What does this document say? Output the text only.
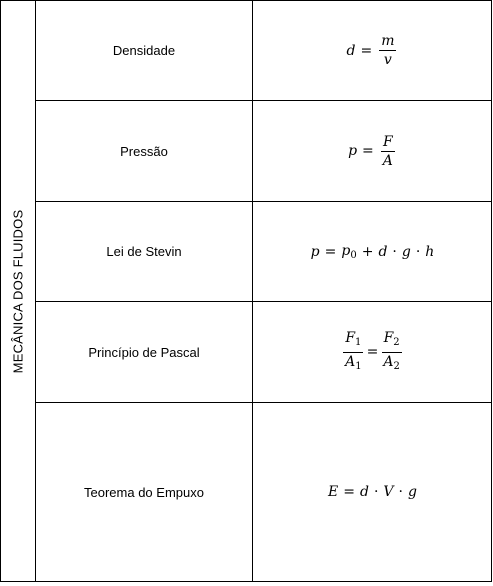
MECÂNICA DOS FLUIDOS
Densidade	$d = \frac{m}{v}$
Pressão	$p = \frac{F}{A}$
Lei de Stevin	$p = p_0 + d \cdot g \cdot h$
Princípio de Pascal	$\frac{F_1}{A_1} = \frac{F_2}{A_2}$
Teorema do Empuxo	E = d · V · g
